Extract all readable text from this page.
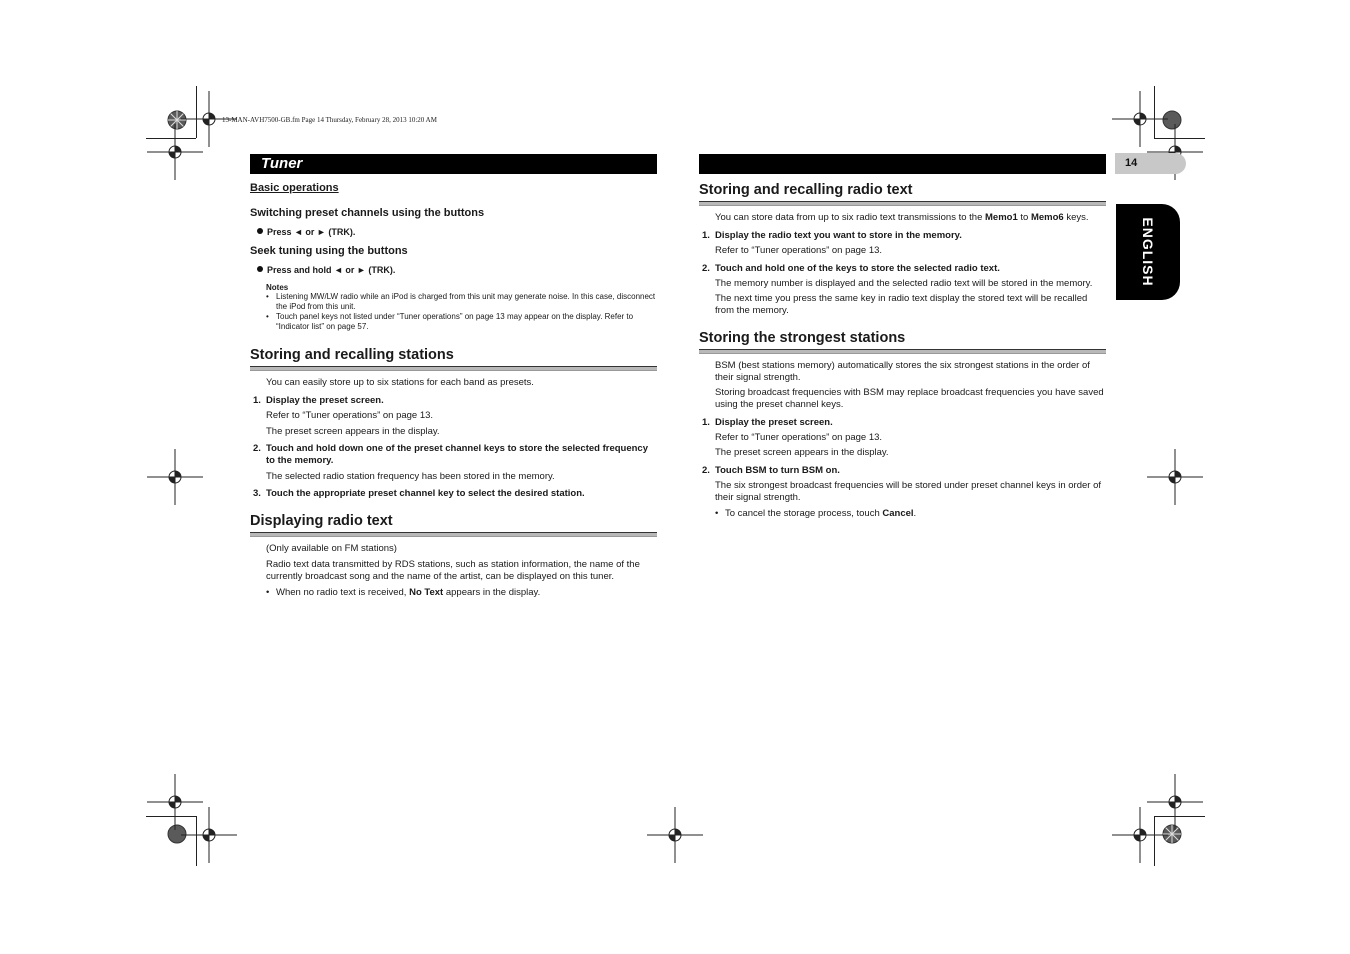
13-MAN-AVH7500-GB.fm Page 14 Thursday, February 28, 2013 10:20 AM
Tuner	14
ENGLISH
Basic operations
Switching preset channels using the buttons
Press ◄ or ► (TRK).
Seek tuning using the buttons
Press and hold ◄ or ► (TRK).
Notes
• Listening MW/LW radio while an iPod is charged from this unit may generate noise. In this case, disconnect the iPod from this unit.
• Touch panel keys not listed under “Tuner operations” on page 13 may appear on the display. Refer to “Indicator list” on page 57.
Storing and recalling stations
You can easily store up to six stations for each band as presets.
1. Display the preset screen.
Refer to “Tuner operations” on page 13.
The preset screen appears in the display.
2. Touch and hold down one of the preset channel keys to store the selected frequency to the memory.
The selected radio station frequency has been stored in the memory.
3. Touch the appropriate preset channel key to select the desired station.
Displaying radio text
(Only available on FM stations)
Radio text data transmitted by RDS stations, such as station information, the name of the currently broadcast song and the name of the artist, can be displayed on this tuner.
• When no radio text is received, No Text appears in the display.
Storing and recalling radio text
You can store data from up to six radio text transmissions to the Memo1 to Memo6 keys.
1. Display the radio text you want to store in the memory.
Refer to “Tuner operations” on page 13.
2. Touch and hold one of the keys to store the selected radio text.
The memory number is displayed and the selected radio text will be stored in the memory.
The next time you press the same key in radio text display the stored text will be recalled from the memory.
Storing the strongest stations
BSM (best stations memory) automatically stores the six strongest stations in the order of their signal strength.
Storing broadcast frequencies with BSM may replace broadcast frequencies you have saved using the preset channel keys.
1. Display the preset screen.
Refer to “Tuner operations” on page 13.
The preset screen appears in the display.
2. Touch BSM to turn BSM on.
The six strongest broadcast frequencies will be stored under preset channel keys in order of their signal strength.
• To cancel the storage process, touch Cancel.
